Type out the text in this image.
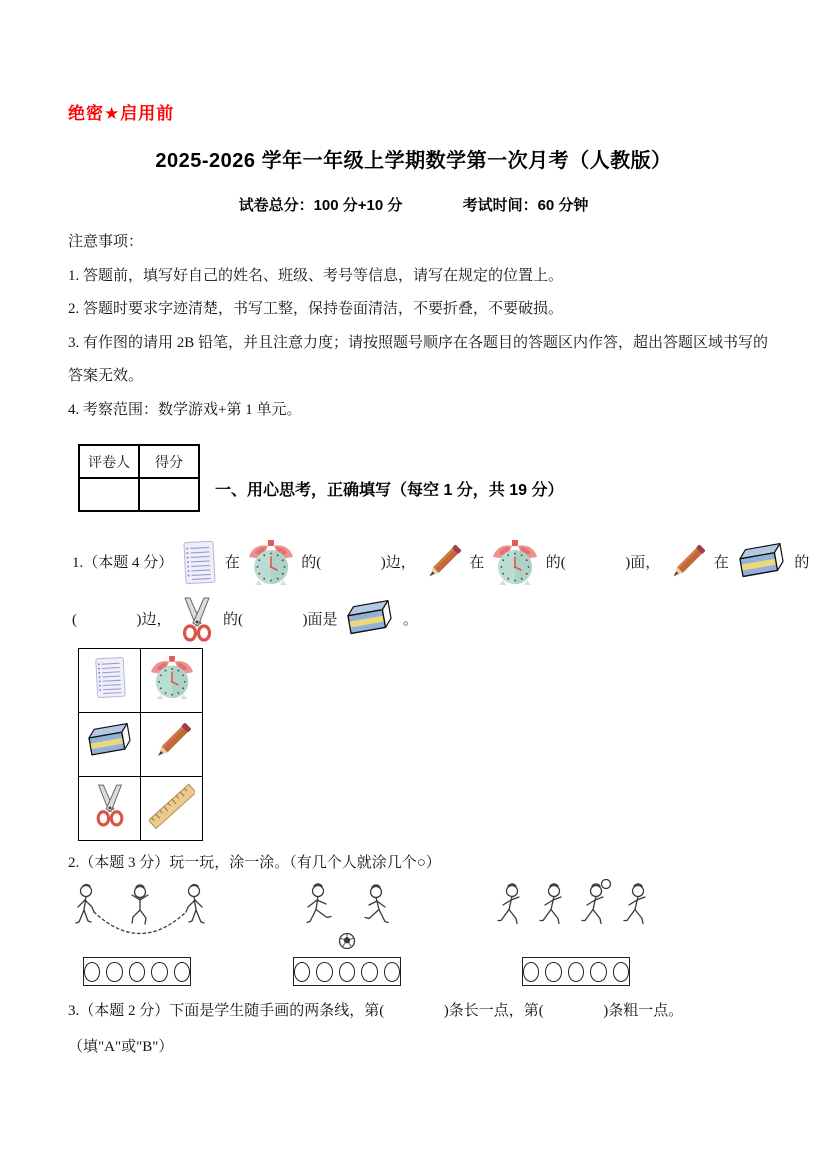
绝密★启用前
2025-2026 学年一年级上学期数学第一次月考（人教版）
试卷总分：100 分+10 分	考试时间：60 分钟
注意事项：
1. 答题前，填写好自己的姓名、班级、考号等信息，请写在规定的位置上。
2. 答题时要求字迹清楚，书写工整，保持卷面清洁，不要折叠，不要破损。
3. 有作图的请用 2B 铅笔，并且注意力度；请按照题号顺序在各题目的答题区内作答，超出答题区域书写的答案无效。
4. 考察范围：数学游戏+第 1 单元。
评卷人	得分

一、用心思考，正确填写（每空 1 分，共 19 分）
1.（本题 4 分）	在	的(	)边，	在	的(	)面，	在	的
(	)边，	的(	)面是	。

2.（本题 3 分）玩一玩，涂一涂。（有几个人就涂几个○）
3.（本题 2 分）下面是学生随手画的两条线，第(	)条长一点，第(	)条粗一点。
（填"A"或"B"）
